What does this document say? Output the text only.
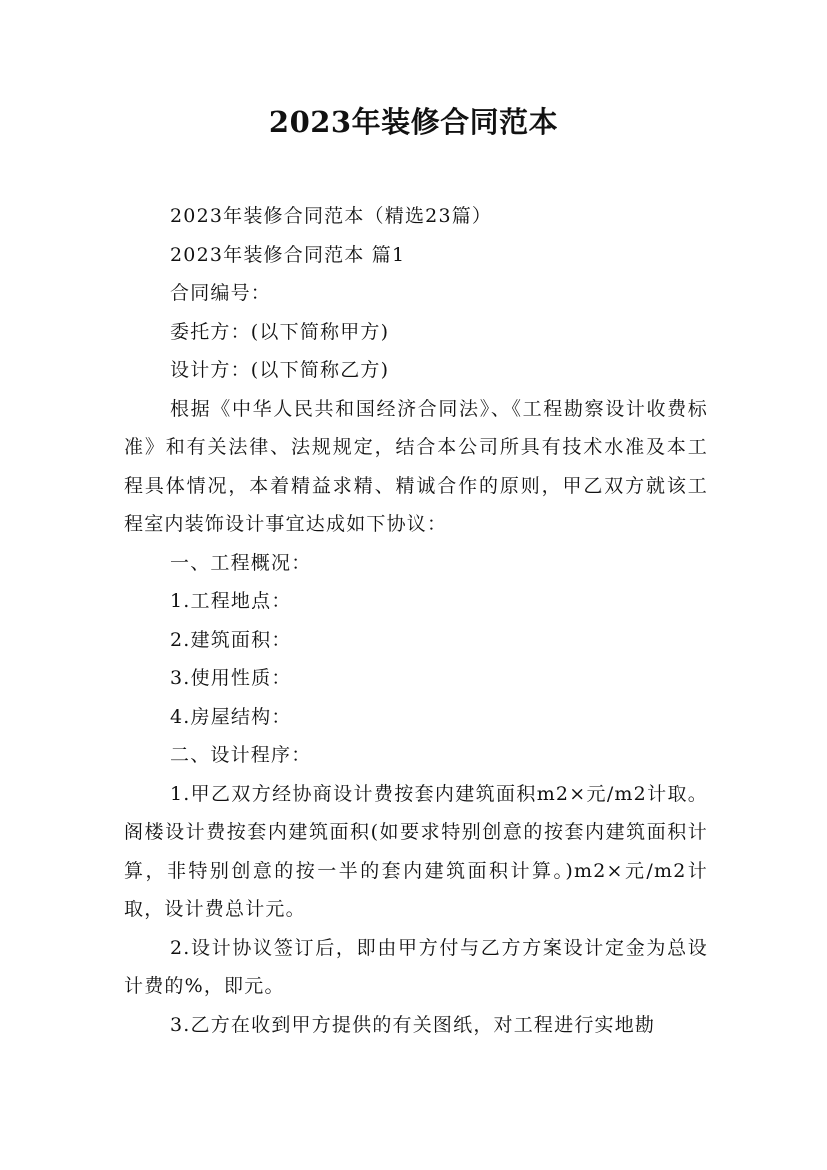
2023年装修合同范本

2023年装修合同范本（精选23篇）

2023年装修合同范本 篇1

合同编号：

委托方：(以下简称甲方)

设计方：(以下简称乙方)

根据《中华人民共和国经济合同法》、《工程勘察设计收费标准》和有关法律、法规规定，结合本公司所具有技术水准及本工程具体情况，本着精益求精、精诚合作的原则，甲乙双方就该工程室内装饰设计事宜达成如下协议：

一、工程概况：

1.工程地点：

2.建筑面积：

3.使用性质：

4.房屋结构：

二、设计程序：

1.甲乙双方经协商设计费按套内建筑面积m2×元/m2计取。阁楼设计费按套内建筑面积(如要求特别创意的按套内建筑面积计算，非特别创意的按一半的套内建筑面积计算。)m2×元/m2计取，设计费总计元。

2.设计协议签订后，即由甲方付与乙方方案设计定金为总设计费的%，即元。

3.乙方在收到甲方提供的有关图纸，对工程进行实地勘
